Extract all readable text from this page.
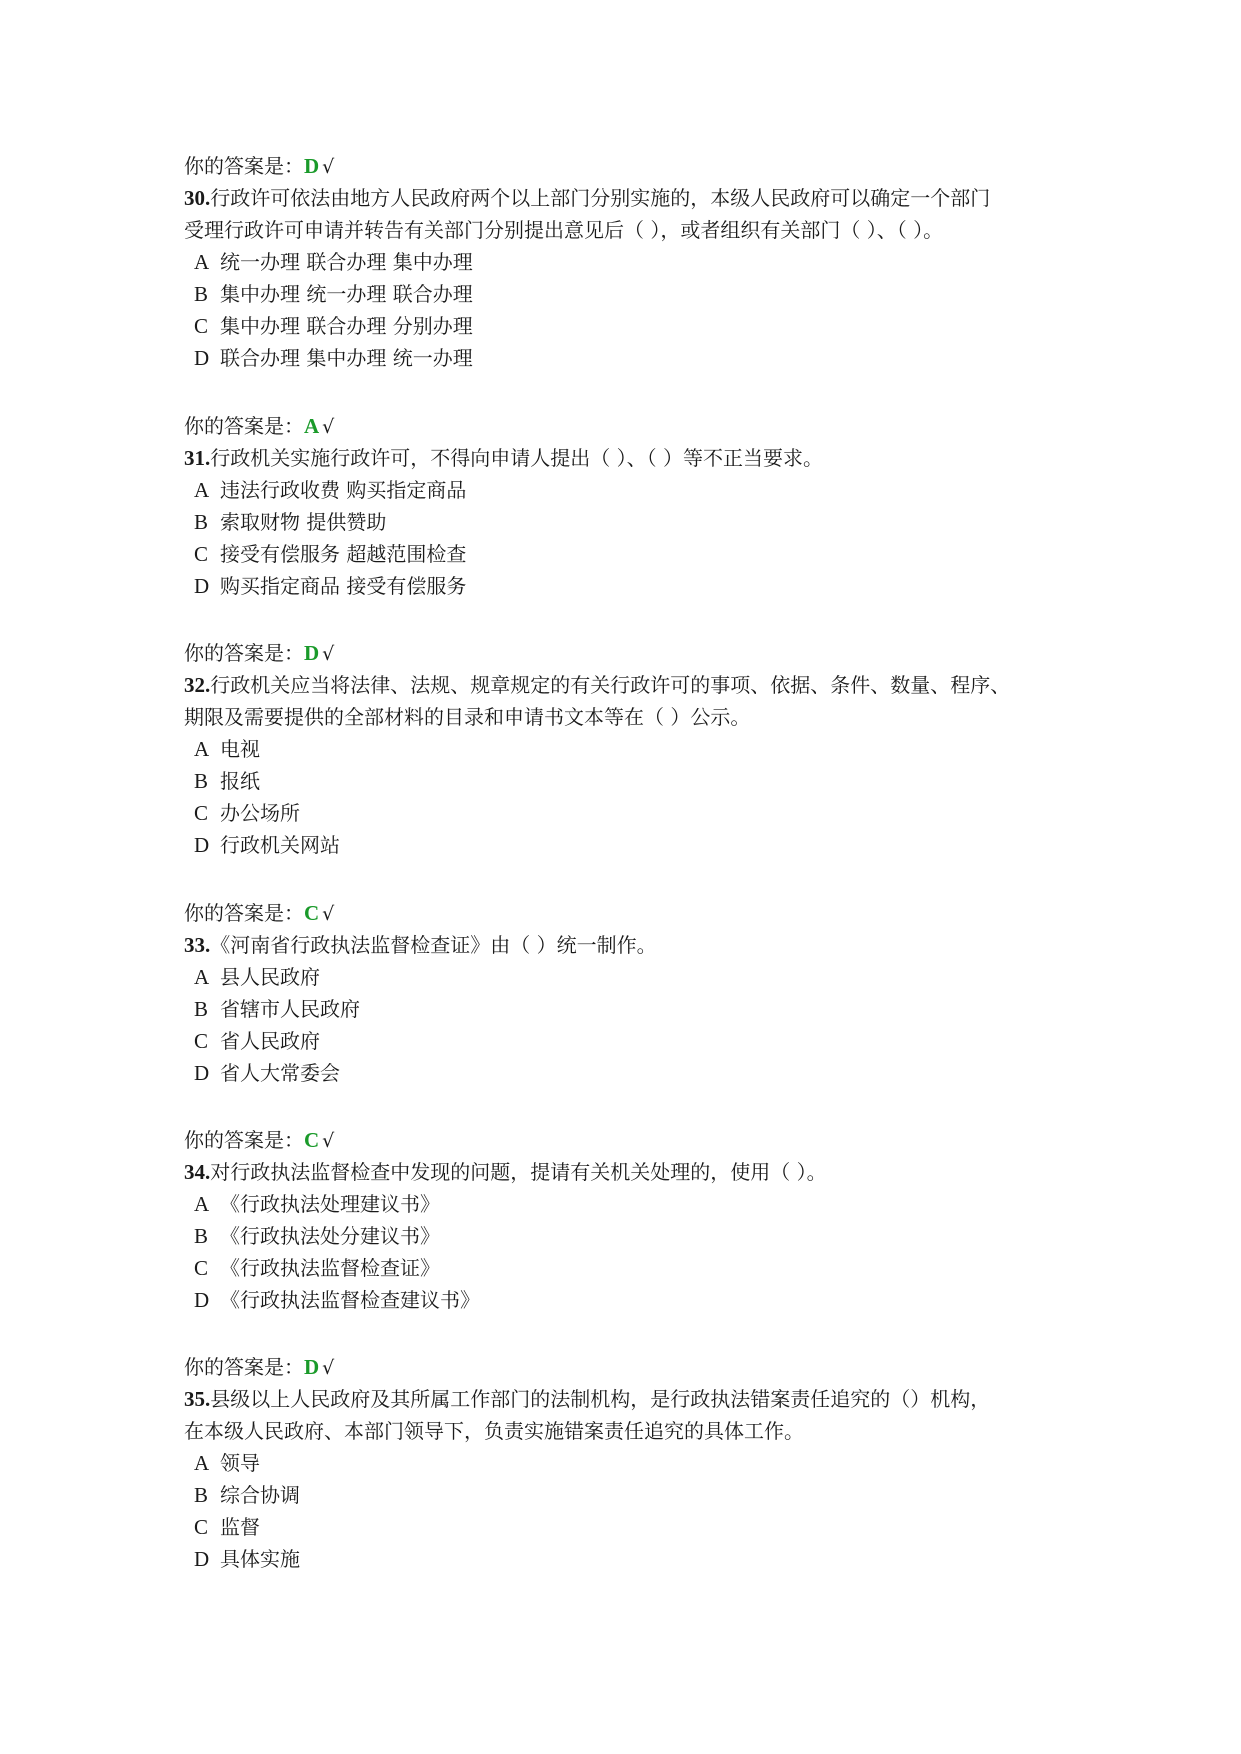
你的答案是：D √
30.行政许可依法由地方人民政府两个以上部门分别实施的，本级人民政府可以确定一个部门
受理行政许可申请并转告有关部门分别提出意见后（ ），或者组织有关部门（ ）、（ ）。
A 统一办理 联合办理 集中办理
B 集中办理 统一办理 联合办理
C 集中办理 联合办理 分别办理
D 联合办理 集中办理 统一办理
你的答案是：A √
31.行政机关实施行政许可，不得向申请人提出（ ）、（ ）等不正当要求。
A 违法行政收费 购买指定商品
B 索取财物 提供赞助
C 接受有偿服务 超越范围检查
D 购买指定商品 接受有偿服务
你的答案是：D √
32.行政机关应当将法律、法规、规章规定的有关行政许可的事项、依据、条件、数量、程序、
期限及需要提供的全部材料的目录和申请书文本等在（ ）公示。
A 电视
B 报纸
C 办公场所
D 行政机关网站
你的答案是：C √
33.《河南省行政执法监督检查证》由（ ）统一制作。
A 县人民政府
B 省辖市人民政府
C 省人民政府
D 省人大常委会
你的答案是：C √
34.对行政执法监督检查中发现的问题，提请有关机关处理的，使用（ ）。
A 《行政执法处理建议书》
B 《行政执法处分建议书》
C 《行政执法监督检查证》
D 《行政执法监督检查建议书》
你的答案是：D √
35.县级以上人民政府及其所属工作部门的法制机构，是行政执法错案责任追究的（）机构，
在本级人民政府、本部门领导下，负责实施错案责任追究的具体工作。
A 领导
B 综合协调
C 监督
D 具体实施
